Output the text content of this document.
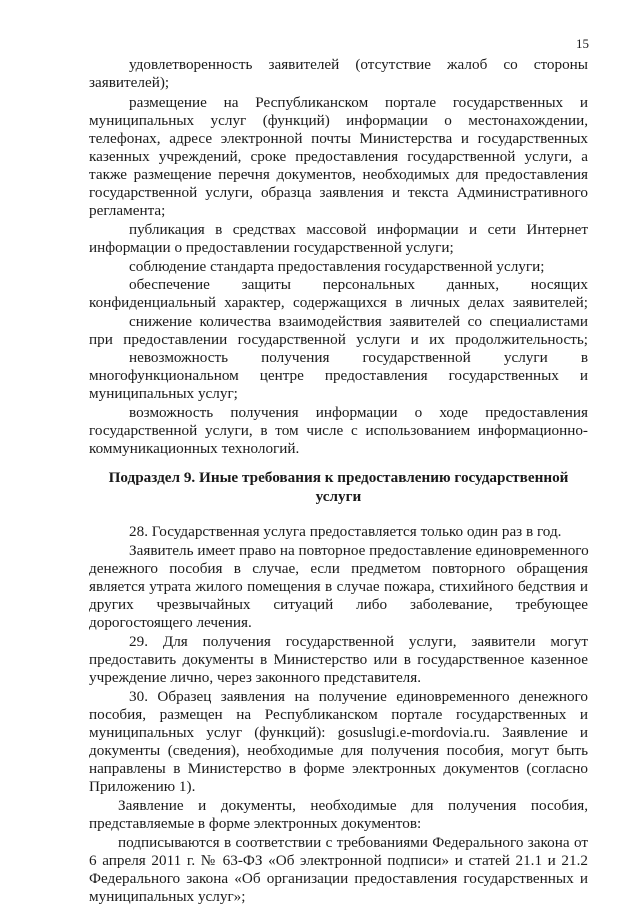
15
удовлетворенность заявителей (отсутствие жалоб со стороны
заявителей);
размещение на Республиканском портале государственных и
муниципальных услуг (функций) информации о местонахождении,
телефонах, адресе электронной почты Министерства и государственных
казенных учреждений, сроке предоставления государственной услуги, а
также размещение перечня документов, необходимых для предоставления
государственной услуги, образца заявления и текста Административного
регламента;
публикация в средствах массовой информации и сети Интернет
информации о предоставлении государственной услуги;
соблюдение стандарта предоставления государственной услуги;
обеспечение защиты персональных данных, носящих
конфиденциальный характер, содержащихся в личных делах заявителей;
снижение количества взаимодействия заявителей со специалистами
при предоставлении государственной услуги и их продолжительность;
невозможность получения государственной услуги в
многофункциональном центре предоставления государственных и
муниципальных услуг;
возможность получения информации о ходе предоставления
государственной услуги, в том числе с использованием информационно-
коммуникационных технологий.
Подраздел 9. Иные требования к предоставлению государственной
услуги
28. Государственная услуга предоставляется только один раз в год.
Заявитель имеет право на повторное предоставление единовременного
денежного пособия в случае, если предметом повторного обращения
является утрата жилого помещения в случае пожара, стихийного бедствия и
других чрезвычайных ситуаций либо заболевание, требующее
дорогостоящего лечения.
29. Для получения государственной услуги, заявители могут
предоставить документы в Министерство или в государственное казенное
учреждение лично, через законного представителя.
30. Образец заявления на получение единовременного денежного
пособия, размещен на Республиканском портале государственных и
муниципальных услуг (функций): gosuslugi.e-mordovia.ru. Заявление и
документы (сведения), необходимые для получения пособия, могут быть
направлены в Министерство в форме электронных документов (согласно
Приложению 1).
Заявление и документы, необходимые для получения пособия,
представляемые в форме электронных документов:
подписываются в соответствии с требованиями Федерального закона от
6 апреля 2011 г. № 63-ФЗ «Об электронной подписи» и статей 21.1 и 21.2
Федерального закона «Об организации предоставления государственных и
муниципальных услуг»;
